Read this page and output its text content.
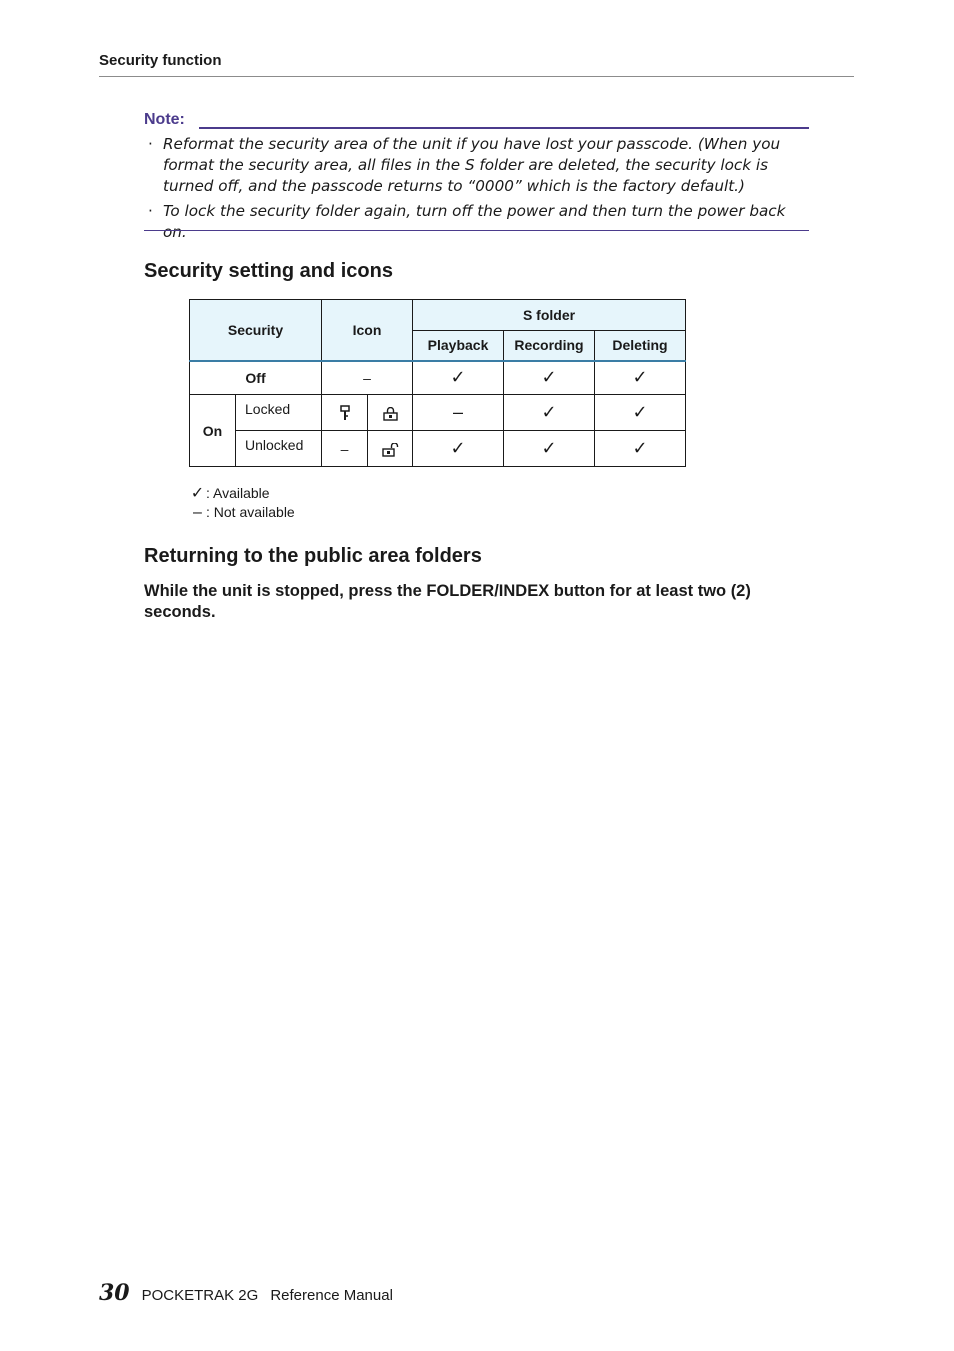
Security function
Note:
· Reformat the security area of the unit if you have lost your passcode. (When you format the security area, all files in the S folder are deleted, the security lock is turned off, and the passcode returns to “0000” which is the factory default.)
· To lock the security folder again, turn off the power and then turn the power back on.
Security setting and icons
Security		Icon		S folder		
				Playback	Recording	Deleting
Off		–		✓	✓	✓
On	Locked			–	✓	✓
	Unlocked	–		✓	✓	✓
✓ : Available
– : Not available
Returning to the public area folders
While the unit is stopped, press the FOLDER/INDEX button for at least two (2) seconds.
30 POCKETRAK 2G Reference Manual
